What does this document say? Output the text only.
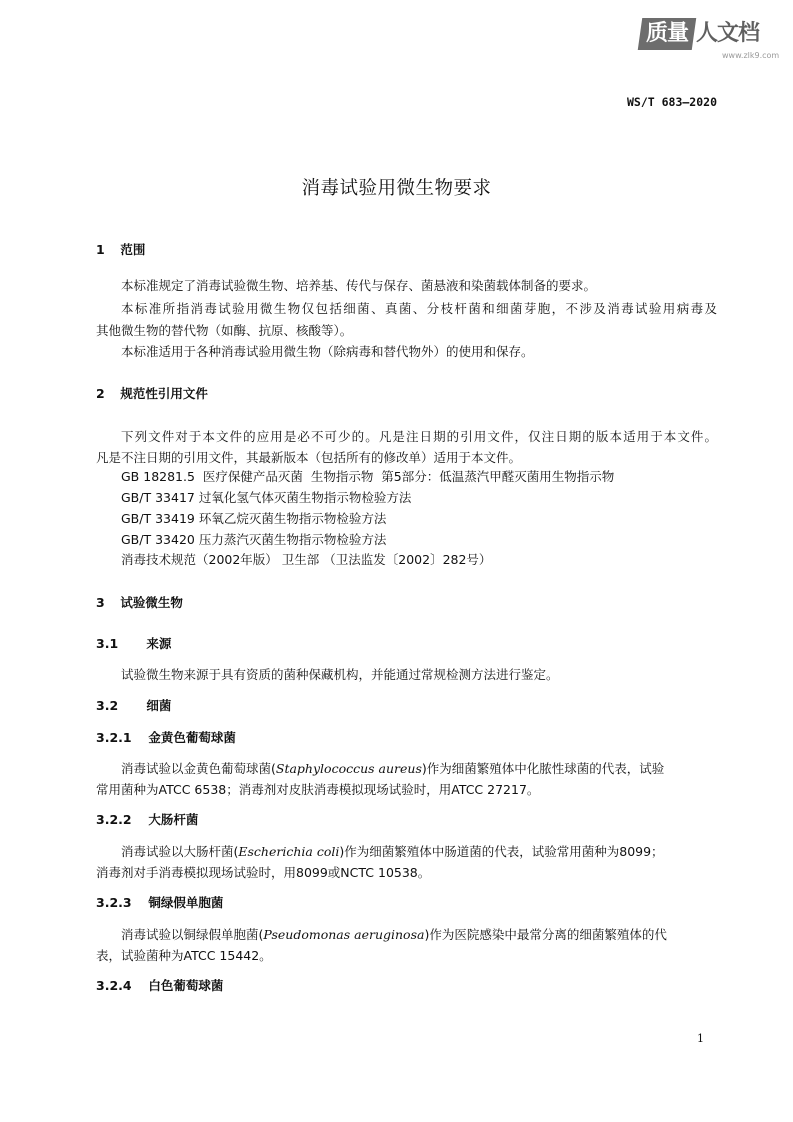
质量 人文档
www.zlk9.com
WS/T 683—2020
消毒试验用微生物要求
1 范围
本标准规定了消毒试验微生物、培养基、传代与保存、菌悬液和染菌载体制备的要求。
本标准所指消毒试验用微生物仅包括细菌、真菌、分枝杆菌和细菌芽胞，不涉及消毒试验用病毒及
其他微生物的替代物（如酶、抗原、核酸等）。
本标准适用于各种消毒试验用微生物（除病毒和替代物外）的使用和保存。
2 规范性引用文件
下列文件对于本文件的应用是必不可少的。凡是注日期的引用文件，仅注日期的版本适用于本文件。
凡是不注日期的引用文件，其最新版本（包括所有的修改单）适用于本文件。
GB 18281.5  医疗保健产品灭菌  生物指示物  第5部分：低温蒸汽甲醛灭菌用生物指示物
GB/T 33417 过氧化氢气体灭菌生物指示物检验方法
GB/T 33419 环氧乙烷灭菌生物指示物检验方法
GB/T 33420 压力蒸汽灭菌生物指示物检验方法
消毒技术规范（2002年版） 卫生部 （卫法监发〔2002〕282号）
3 试验微生物
3.1 来源
试验微生物来源于具有资质的菌种保藏机构，并能通过常规检测方法进行鉴定。
3.2 细菌
3.2.1 金黄色葡萄球菌
消毒试验以金黄色葡萄球菌(Staphylococcus aureus)作为细菌繁殖体中化脓性球菌的代表，试验
常用菌种为ATCC 6538；消毒剂对皮肤消毒模拟现场试验时，用ATCC 27217。
3.2.2 大肠杆菌
消毒试验以大肠杆菌(Escherichia coli)作为细菌繁殖体中肠道菌的代表，试验常用菌种为8099；
消毒剂对手消毒模拟现场试验时，用8099或NCTC 10538。
3.2.3 铜绿假单胞菌
消毒试验以铜绿假单胞菌(Pseudomonas aeruginosa)作为医院感染中最常分离的细菌繁殖体的代
表，试验菌种为ATCC 15442。
3.2.4 白色葡萄球菌
1
